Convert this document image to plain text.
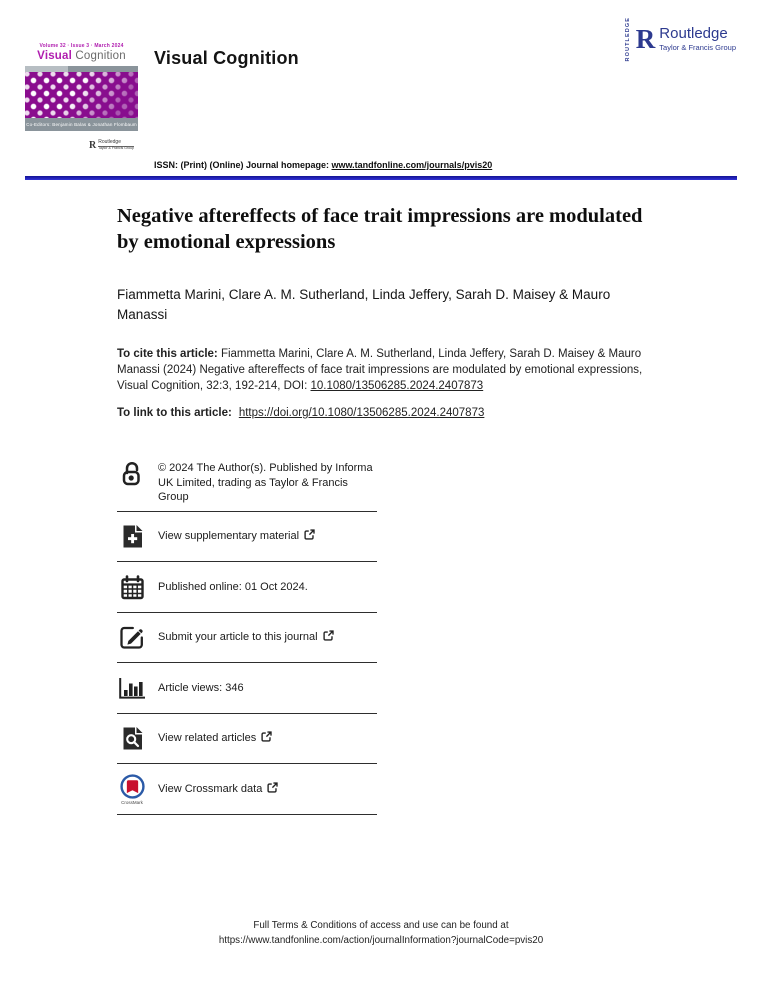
ROUTLEDGE R Routledge
Taylor & Francis Group
Volume 32 · Issue 3 · March 2024
Visual Cognition
Co-Editors: Benjamin Balas & Jonathan Flombaum
R Routledge
Taylor & Francis Group
Visual Cognition
ISSN: (Print) (Online) Journal homepage: www.tandfonline.com/journals/pvis20
Negative aftereffects of face trait impressions are modulated by emotional expressions
Fiammetta Marini, Clare A. M. Sutherland, Linda Jeffery, Sarah D. Maisey & Mauro Manassi
To cite this article: Fiammetta Marini, Clare A. M. Sutherland, Linda Jeffery, Sarah D. Maisey & Mauro Manassi (2024) Negative aftereffects of face trait impressions are modulated by emotional expressions, Visual Cognition, 32:3, 192-214, DOI: 10.1080/13506285.2024.2407873
To link to this article: https://doi.org/10.1080/13506285.2024.2407873
© 2024 The Author(s). Published by Informa UK Limited, trading as Taylor & Francis Group
View supplementary material
Published online: 01 Oct 2024.
Submit your article to this journal
Article views: 346
View related articles
CrossMark
View Crossmark data
Full Terms & Conditions of access and use can be found at
https://www.tandfonline.com/action/journalInformation?journalCode=pvis20
